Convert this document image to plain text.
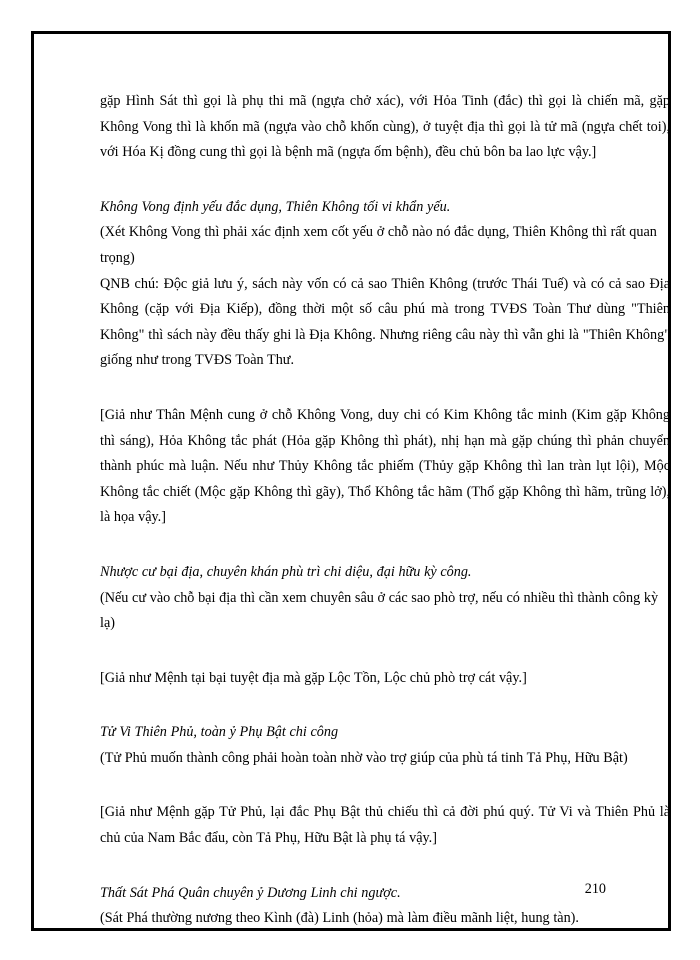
gặp Hình Sát thì gọi là phụ thi mã (ngựa chở xác), với Hỏa Tinh (đắc) thì gọi là chiến mã, gặp Không Vong thì là khốn mã (ngựa vào chỗ khốn cùng), ở tuyệt địa thì gọi là tử mã (ngựa chết toi), với Hóa Kị đồng cung thì gọi là bệnh mã (ngựa ốm bệnh), đều chủ bôn ba lao lực vậy.]

Không Vong định yếu đắc dụng, Thiên Không tối vi khẩn yếu.

(Xét Không Vong thì phải xác định xem cốt yếu ở chỗ nào nó đắc dụng, Thiên Không thì rất quan trọng)

QNB chú: Độc giả lưu ý, sách này vốn có cả sao Thiên Không (trước Thái Tuế) và có cả sao Địa Không (cặp với Địa Kiếp), đồng thời một số câu phú mà trong TVĐS Toàn Thư dùng "Thiên Không" thì sách này đều thấy ghi là Địa Không. Nhưng riêng câu này thì vẫn ghi là "Thiên Không" giống như trong TVĐS Toàn Thư.

[Giả như Thân Mệnh cung ở chỗ Không Vong, duy chi có Kim Không tắc minh (Kim gặp Không thì sáng), Hỏa Không tắc phát (Hỏa gặp Không thì phát), nhị hạn mà gặp chúng thì phản chuyển thành phúc mà luận. Nếu như Thủy Không tắc phiếm (Thủy gặp Không thì lan tràn lụt lội), Mộc Không tắc chiết (Mộc gặp Không thì gãy), Thổ Không tắc hãm (Thổ gặp Không thì hãm, trũng lở), là họa vậy.]

Nhược cư bại địa, chuyên khán phù trì chi diệu, đại hữu kỳ công.

(Nếu cư vào chỗ bại địa thì cần xem chuyên sâu ở các sao phò trợ, nếu có nhiều thì thành công kỳ lạ)

[Giả như Mệnh tại bại tuyệt địa mà gặp Lộc Tồn, Lộc chủ phò trợ cát vậy.]

Tử Vi Thiên Phủ, toàn ỷ Phụ Bật chi công

(Tử Phủ muốn thành công phải hoàn toàn nhờ vào trợ giúp của phù tá tinh Tả Phụ, Hữu Bật)

[Giả như Mệnh gặp Tử Phủ, lại đắc Phụ Bật thủ chiếu thì cả đời phú quý. Tử Vi và Thiên Phủ là chủ của Nam Bắc đẩu, còn Tả Phụ, Hữu Bật là phụ tá vậy.]

Thất Sát Phá Quân chuyên ỷ Dương Linh chi ngược.

(Sát Phá thường nương theo Kình (đà) Linh (hỏa) mà làm điều mãnh liệt, hung tàn).

210
